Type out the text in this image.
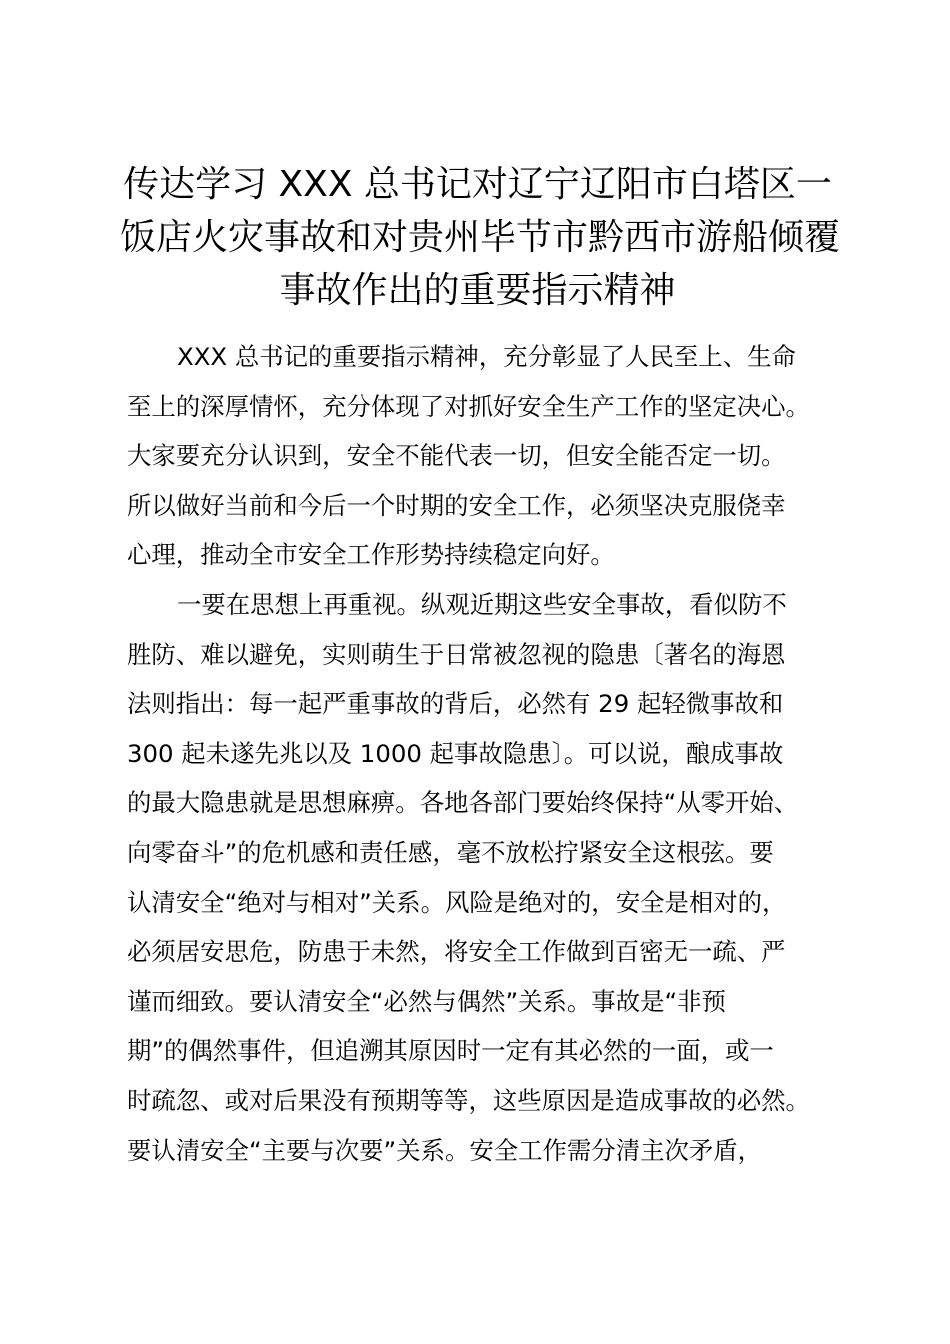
传达学习 XXX 总书记对辽宁辽阳市白塔区一
饭店火灾事故和对贵州毕节市黔西市游船倾覆
事故作出的重要指示精神
XXX 总书记的重要指示精神，充分彰显了人民至上、生命
至上的深厚情怀，充分体现了对抓好安全生产工作的坚定决心。
大家要充分认识到，安全不能代表一切，但安全能否定一切。
所以做好当前和今后一个时期的安全工作，必须坚决克服侥幸
心理，推动全市安全工作形势持续稳定向好。
一要在思想上再重视。纵观近期这些安全事故，看似防不
胜防、难以避免，实则萌生于日常被忽视的隐患〔著名的海恩
法则指出：每一起严重事故的背后，必然有 29 起轻微事故和
300 起未遂先兆以及 1000 起事故隐患〕。可以说，酿成事故
的最大隐患就是思想麻痹。各地各部门要始终保持“从零开始、
向零奋斗”的危机感和责任感，毫不放松拧紧安全这根弦。要
认清安全“绝对与相对”关系。风险是绝对的，安全是相对的，
必须居安思危，防患于未然，将安全工作做到百密无一疏、严
谨而细致。要认清安全“必然与偶然”关系。事故是“非预
期”的偶然事件，但追溯其原因时一定有其必然的一面，或一
时疏忽、或对后果没有预期等等，这些原因是造成事故的必然。
要认清安全“主要与次要”关系。安全工作需分清主次矛盾，
